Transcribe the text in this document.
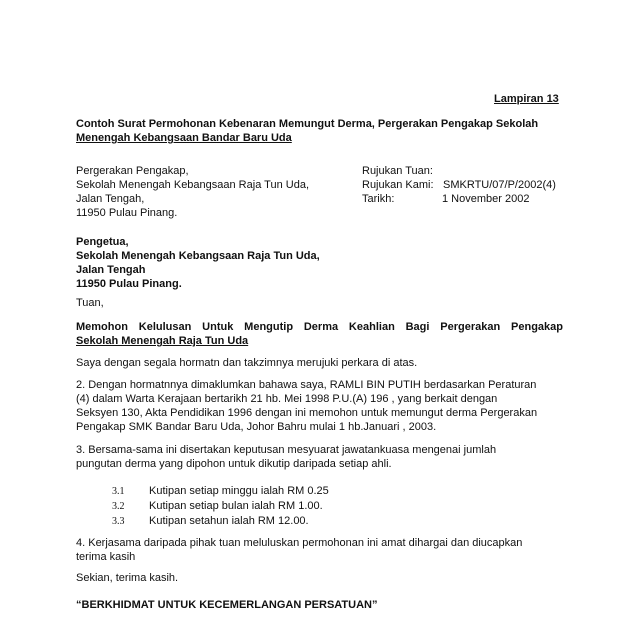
Lampiran 13
Contoh Surat Permohonan Kebenaran Memungut Derma, Pergerakan Pengakap Sekolah
Menengah Kebangsaan Bandar Baru Uda
Pergerakan Pengakap,
Sekolah Menengah Kebangsaan Raja Tun Uda,
Jalan Tengah,
11950 Pulau Pinang.
Rujukan Tuan:
Rujukan Kami: SMKRTU/07/P/2002(4)
Tarikh:	1 November 2002
Pengetua,
Sekolah Menengah Kebangsaan Raja Tun Uda,
Jalan Tengah
11950 Pulau Pinang.
Tuan,
Memohon Kelulusan Untuk Mengutip Derma Keahlian Bagi Pergerakan Pengakap
Sekolah Menengah Raja Tun Uda
Saya dengan segala hormatn dan takzimnya merujuki perkara di atas.
2. Dengan hormatnnya dimaklumkan bahawa saya, RAMLI BIN PUTIH berdasarkan Peraturan
(4) dalam Warta Kerajaan bertarikh 21 hb. Mei 1998 P.U.(A) 196 , yang berkait dengan
Seksyen 130, Akta Pendidikan 1996 dengan ini memohon untuk memungut derma Pergerakan
Pengakap SMK Bandar Baru Uda, Johor Bahru mulai 1 hb.Januari , 2003.
3. Bersama-sama ini disertakan keputusan mesyuarat jawatankuasa mengenai jumlah
pungutan derma yang dipohon untuk dikutip daripada setiap ahli.
3.1 Kutipan setiap minggu ialah RM 0.25
3.2 Kutipan setiap bulan ialah RM 1.00.
3.3 Kutipan setahun ialah RM 12.00.
4. Kerjasama daripada pihak tuan meluluskan permohonan ini amat dihargai dan diucapkan
terima kasih
Sekian, terima kasih.
“BERKHIDMAT UNTUK KECEMERLANGAN PERSATUAN”
